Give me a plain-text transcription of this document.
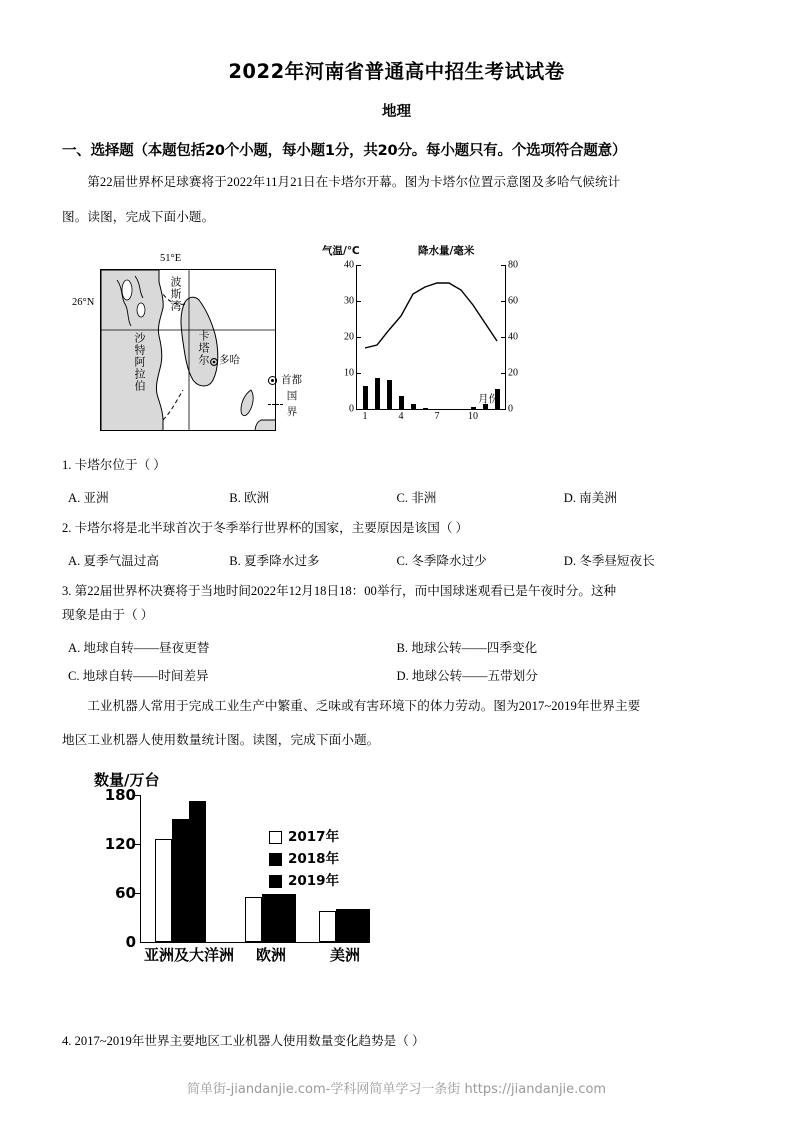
2022年河南省普通高中招生考试试卷
地理
一、选择题（本题包括20个小题，每小题1分，共20分。每小题只有。个选项符合题意）
第22届世界杯足球赛将于2022年11月21日在卡塔尔开幕。图为卡塔尔位置示意图及多哈气候统计
图。读图，完成下面小题。
51°E
26°N	波斯湾
卡塔尔
沙特阿拉伯	多哈
首都
国界
气温/℃	降水量/毫米
0
10
20
30
40
0
20
40
60
80
1	4	7	10
月份
1. 卡塔尔位于（ ）
A. 亚洲	B. 欧洲	C. 非洲	D. 南美洲
2. 卡塔尔将是北半球首次于冬季举行世界杯的国家，主要原因是该国（ ）
A. 夏季气温过高	B. 夏季降水过多	C. 冬季降水过少	D. 冬季昼短夜长
3. 第22届世界杯决赛将于当地时间2022年12月18日18：00举行，而中国球迷观看已是午夜时分。这种
现象是由于（ ）
A. 地球自转——昼夜更替	B. 地球公转——四季变化
C. 地球自转——时间差异	D. 地球公转——五带划分
工业机器人常用于完成工业生产中繁重、乏味或有害环境下的体力劳动。图为2017~2019年世界主要
地区工业机器人使用数量统计图。读图，完成下面小题。
数量/万台
0
60
120
180
2017年
2018年
2019年
亚洲及大洋洲	欧洲	美洲
4. 2017~2019年世界主要地区工业机器人使用数量变化趋势是（ ）
简单街-jiandanjie.com-学科网简单学习一条街 https://jiandanjie.com
